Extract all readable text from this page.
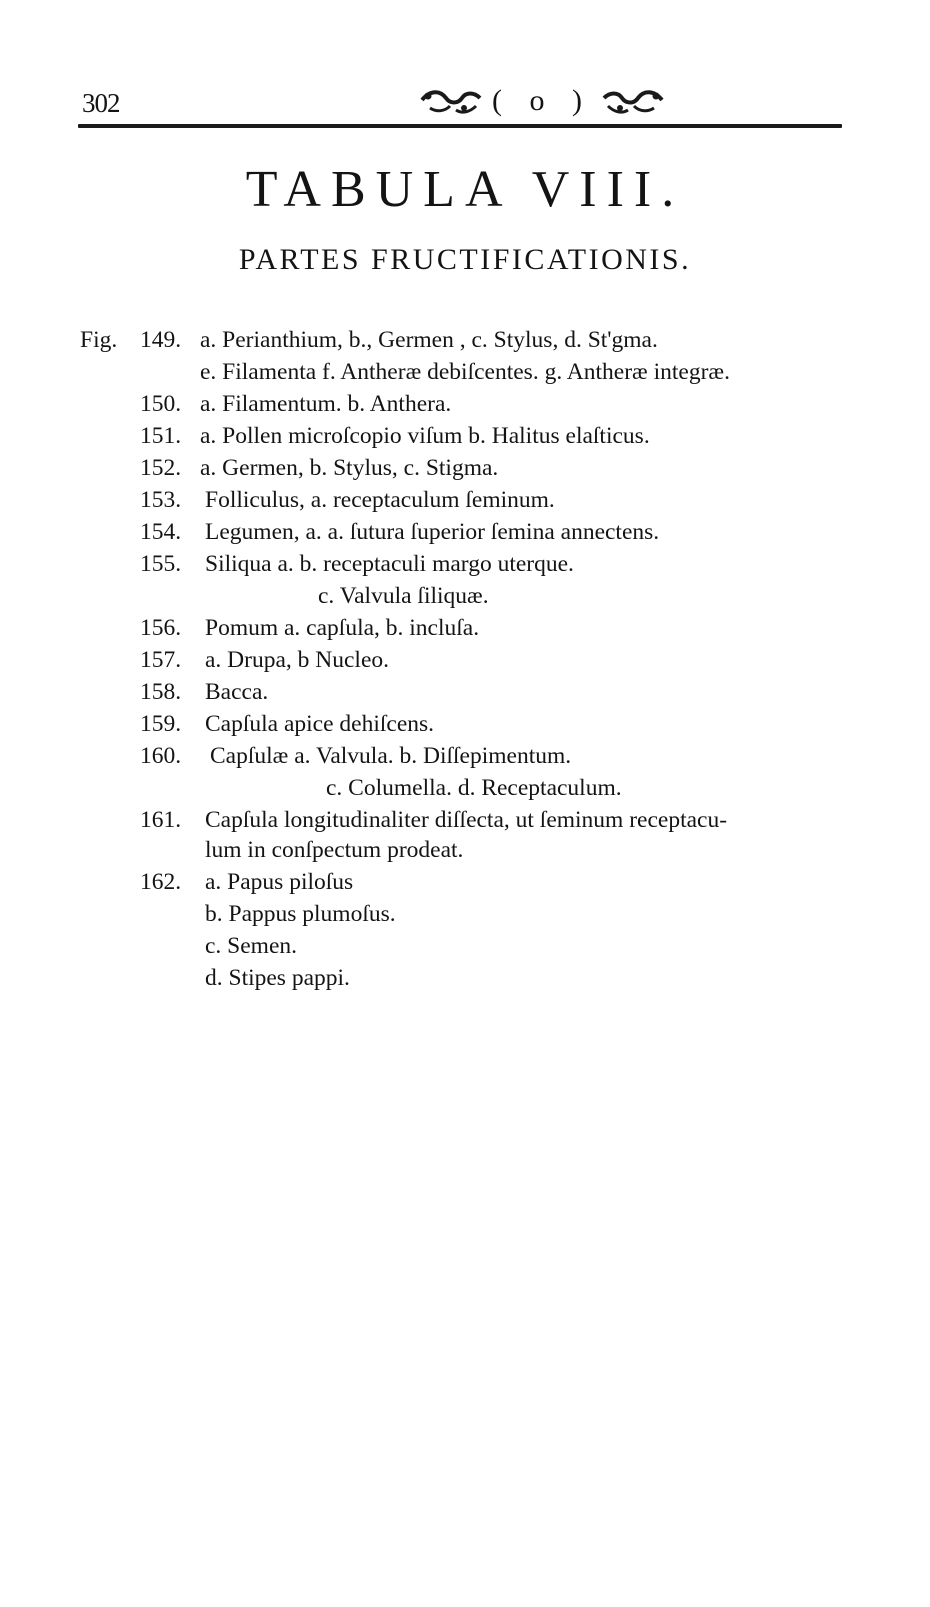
302	( o )
TABULA VIII.
PARTES FRUCTIFICATIONIS.
Fig. 149. a. Perianthium, b., Germen , c. Stylus, d. St'gma.
e. Filamenta f. Antheræ debiſcentes. g. Antheræ integræ.
150. a. Filamentum. b. Anthera.
151. a. Pollen microſcopio viſum b. Halitus elaſticus.
152. a. Germen, b. Stylus, c. Stigma.
153. Folliculus, a. receptaculum ſeminum.
154. Legumen, a. a. ſutura ſuperior ſemina annectens.
155. Siliqua a. b. receptaculi margo uterque.
c. Valvula ſiliquæ.
156. Pomum a. capſula, b. incluſa.
157. a. Drupa, b Nucleo.
158. Bacca.
159. Capſula apice dehiſcens.
160. Capſulæ a. Valvula. b. Diſſepimentum.
c. Columella. d. Receptaculum.
161. Capſula longitudinaliter diſſecta, ut ſeminum receptacu-
lum in conſpectum prodeat.
162. a. Papus piloſus
b. Pappus plumoſus.
c. Semen.
d. Stipes pappi.
